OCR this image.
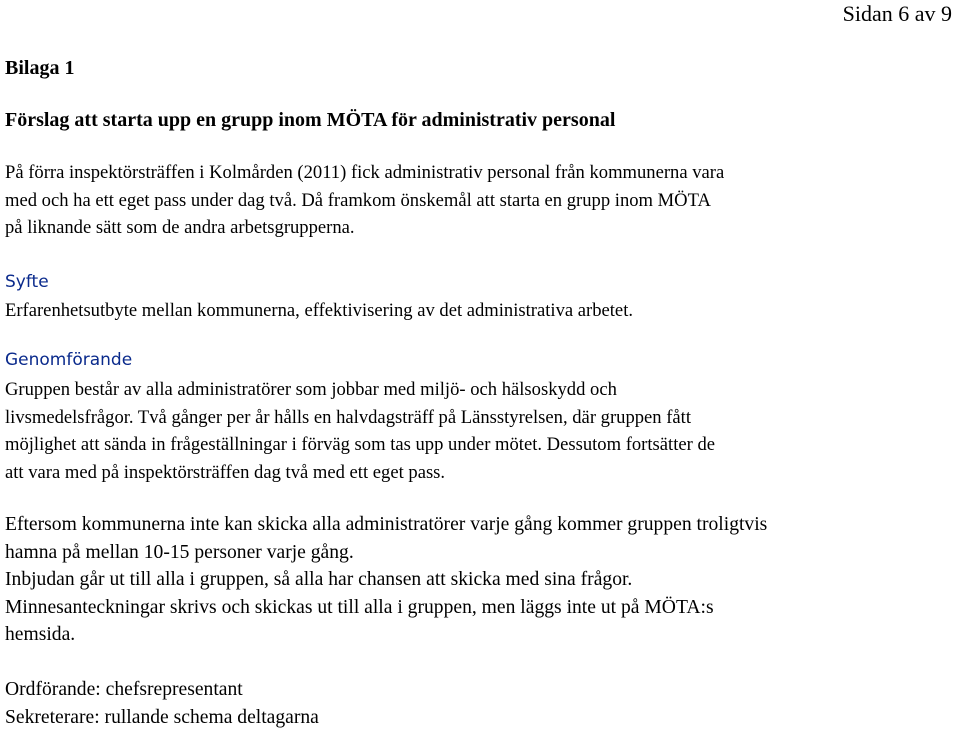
Sidan 6 av 9
Bilaga 1
Förslag att starta upp en grupp inom MÖTA för administrativ personal
På förra inspektörsträffen i Kolmården (2011) fick administrativ personal från kommunerna vara
med och ha ett eget pass under dag två. Då framkom önskemål att starta en grupp inom MÖTA
på liknande sätt som de andra arbetsgrupperna.
Syfte

Erfarenhetsutbyte mellan kommunerna, effektivisering av det administrativa arbetet.

Genomförande
Gruppen består av alla administratörer som jobbar med miljö- och hälsoskydd och
livsmedelsfrågor. Två gånger per år hålls en halvdagsträff på Länsstyrelsen, där gruppen fått
möjlighet att sända in frågeställningar i förväg som tas upp under mötet. Dessutom fortsätter de
att vara med på inspektörsträffen dag två med ett eget pass.
Eftersom kommunerna inte kan skicka alla administratörer varje gång kommer gruppen troligtvis
hamna på mellan 10-15 personer varje gång.
Inbjudan går ut till alla i gruppen, så alla har chansen att skicka med sina frågor.
Minnesanteckningar skrivs och skickas ut till alla i gruppen, men läggs inte ut på MÖTA:s
hemsida.
Ordförande: chefsrepresentant
Sekreterare: rullande schema deltagarna
